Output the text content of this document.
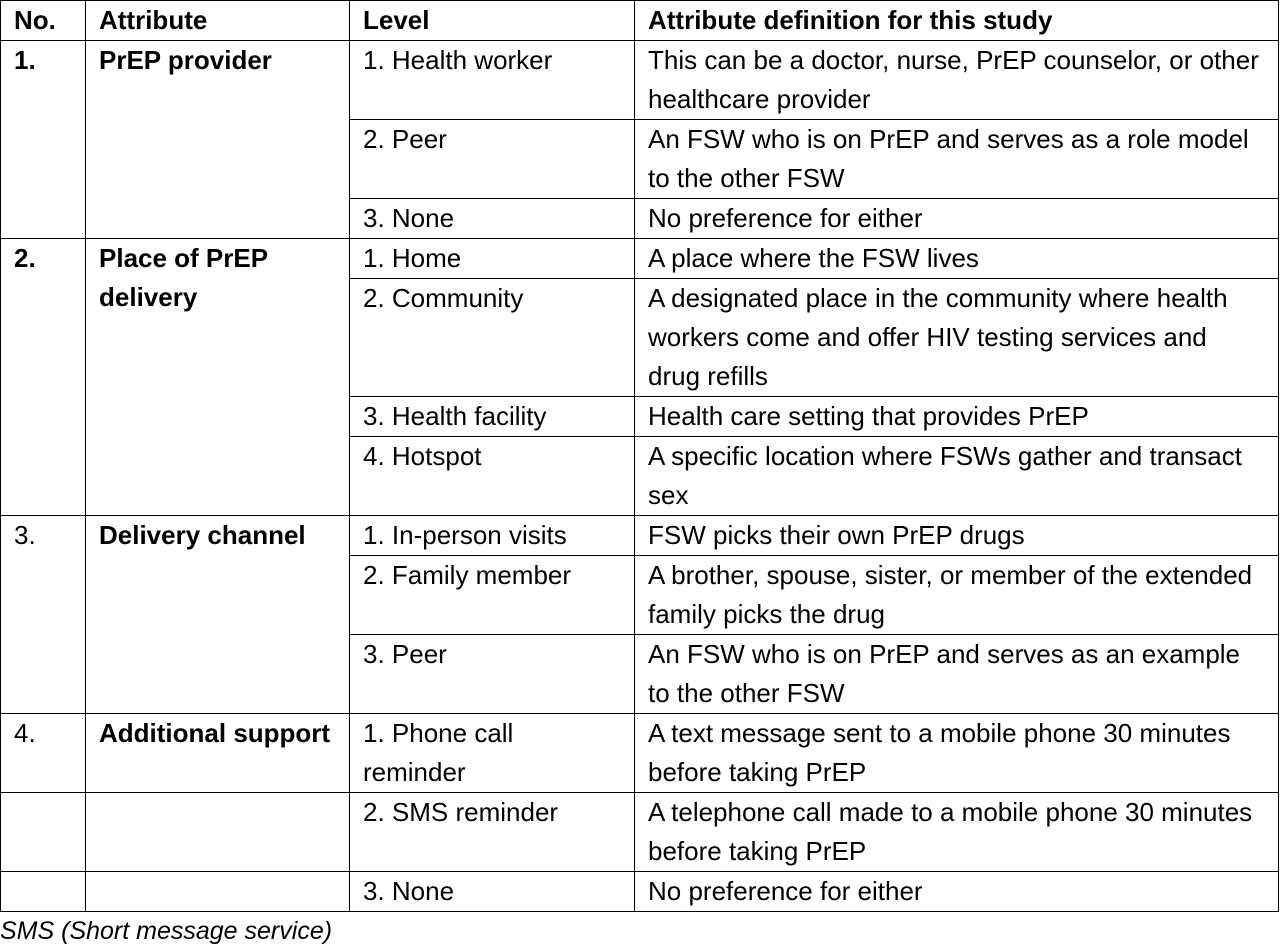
No.	Attribute	Level	Attribute definition for this study
1.	PrEP provider	1. Health worker	This can be a doctor, nurse, PrEP counselor, or other healthcare provider
		2. Peer	An FSW who is on PrEP and serves as a role model to the other FSW
		3. None	No preference for either
2.	Place of PrEP delivery	1. Home	A place where the FSW lives
		2. Community	A designated place in the community where health workers come and offer HIV testing services and drug refills
		3. Health facility	Health care setting that provides PrEP
		4. Hotspot	A specific location where FSWs gather and transact sex
3.	Delivery channel	1. In-person visits	FSW picks their own PrEP drugs
		2. Family member	A brother, spouse, sister, or member of the extended family picks the drug
		3. Peer	An FSW who is on PrEP and serves as an example to the other FSW
4.	Additional support	1. Phone call reminder	A text message sent to a mobile phone 30 minutes before taking PrEP
		2. SMS reminder	A telephone call made to a mobile phone 30 minutes before taking PrEP
		3. None	No preference for either

SMS (Short message service)
